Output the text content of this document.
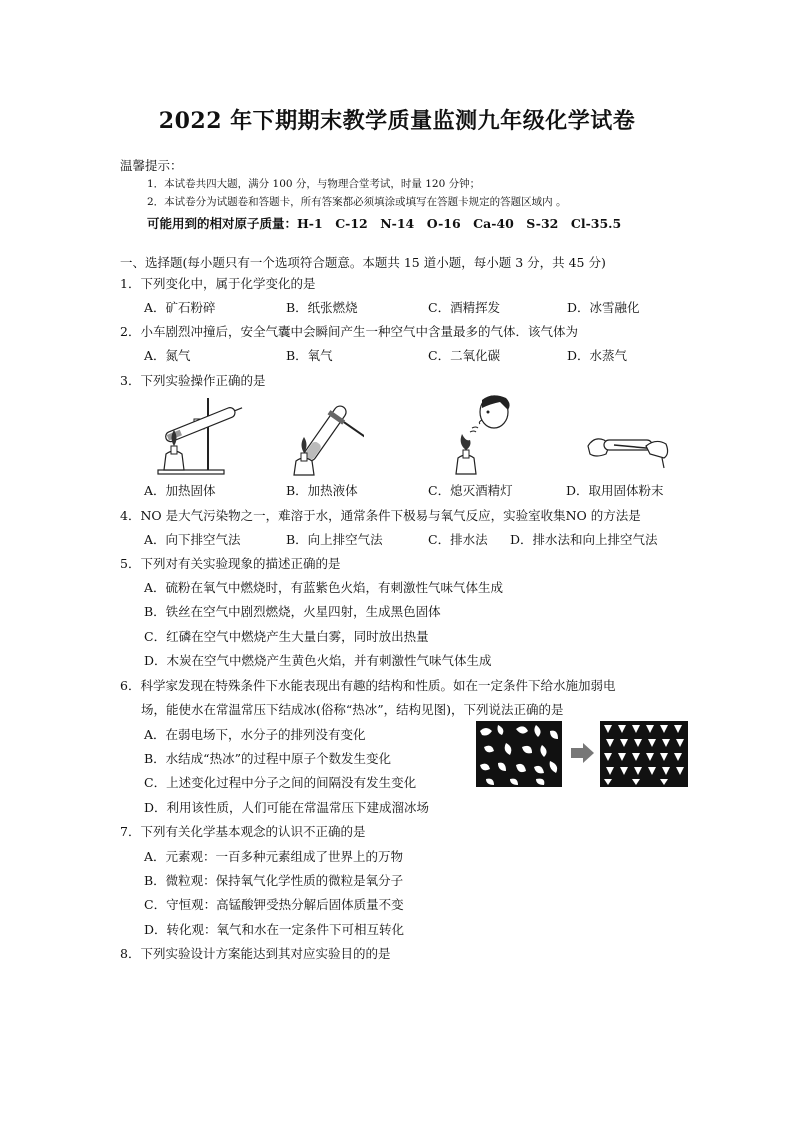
2022 年下期期末教学质量监测九年级化学试卷
温馨提示：
1．本试卷共四大题，满分 100 分，与物理合堂考试，时量 120 分钟；
2．本试卷分为试题卷和答题卡，所有答案都必须填涂或填写在答题卡规定的答题区域内 。
可能用到的相对原子质量：H-1　C-12　N-14　O-16　Ca-40　S-32　Cl-35.5
一、选择题(每小题只有一个选项符合题意。本题共 15 道小题，每小题 3 分，共 45 分)
1．下列变化中，属于化学变化的是
A．矿石粉碎	B．纸张燃烧	C．酒精挥发	D．冰雪融化
2．小车剧烈冲撞后，安全气囊中会瞬间产生一种空气中含量最多的气体．该气体为
A．氮气	B．氧气	C．二氧化碳	D．水蒸气
3．下列实验操作正确的是
A．加热固体	B．加热液体	C．熄灭酒精灯	D．取用固体粉末
4．NO 是大气污染物之一，难溶于水，通常条件下极易与氧气反应，实验室收集NO 的方法是
A．向下排空气法	B．向上排空气法	C．排水法 D．排水法和向上排空气法
5．下列对有关实验现象的描述正确的是
A．硫粉在氧气中燃烧时，有蓝紫色火焰，有刺激性气味气体生成
B．铁丝在空气中剧烈燃烧，火星四射，生成黑色固体
C．红磷在空气中燃烧产生大量白雾，同时放出热量
D．木炭在空气中燃烧产生黄色火焰，并有刺激性气味气体生成
6．科学家发现在特殊条件下水能表现出有趣的结构和性质。如在一定条件下给水施加弱电
场，能使水在常温常压下结成冰(俗称“热冰”，结构见图)，下列说法正确的是
A．在弱电场下，水分子的排列没有变化
B．水结成“热冰”的过程中原子个数发生变化
C．上述变化过程中分子之间的间隔没有发生变化
D．利用该性质，人们可能在常温常压下建成溜冰场
7．下列有关化学基本观念的认识不正确的是
A．元素观：一百多种元素组成了世界上的万物
B．微粒观：保持氧气化学性质的微粒是氧分子
C．守恒观：高锰酸钾受热分解后固体质量不变
D．转化观：氧气和水在一定条件下可相互转化
8．下列实验设计方案能达到其对应实验目的的是
